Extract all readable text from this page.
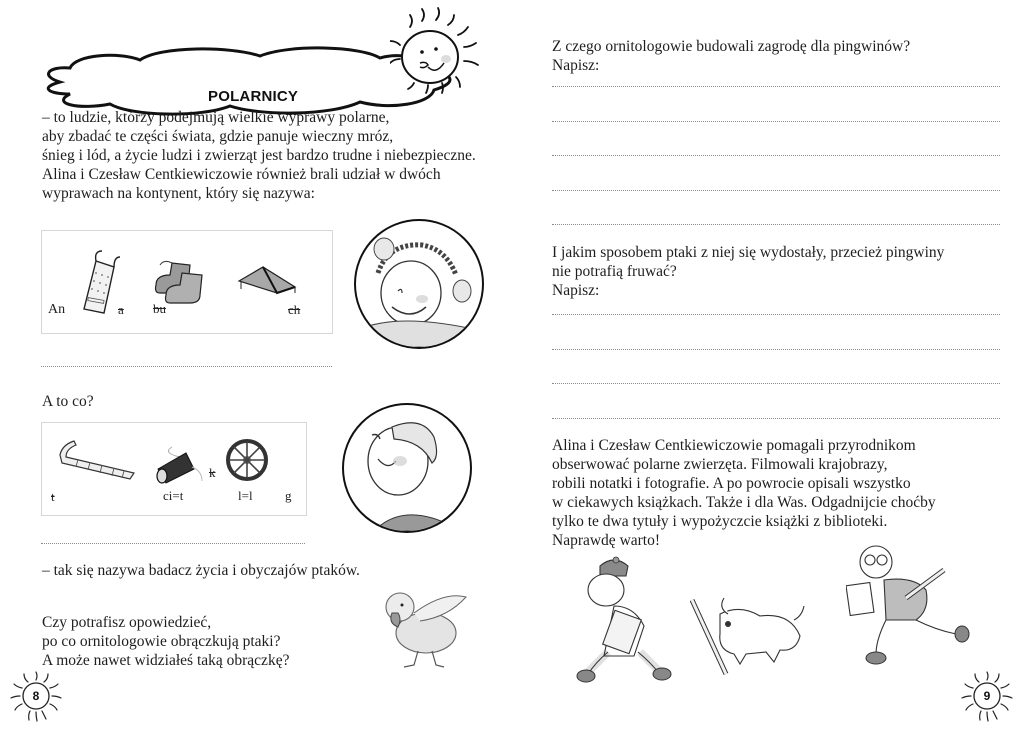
POLARNICY
– to ludzie, którzy podejmują wielkie wyprawy polarne,
aby zbadać te części świata, gdzie panuje wieczny mróz,
śnieg i lód, a życie ludzi i zwierząt jest bardzo trudne i niebezpieczne.
Alina i Czesław Centkiewiczowie również brali udział w dwóch
wyprawach na kontynent, który się nazywa:
An	a bu	ch
A to co?
t	ci=t
k
l=l g
– tak się nazywa badacz życia i obyczajów ptaków.
Czy potrafisz opowiedzieć,
po co ornitologowie obrączkują ptaki?
A może nawet widziałeś taką obrączkę?
8
Z czego ornitologowie budowali zagrodę dla pingwinów?
Napisz:
I jakim sposobem ptaki z niej się wydostały, przecież pingwiny
nie potrafią fruwać?
Napisz:
Alina i Czesław Centkiewiczowie pomagali przyrodnikom
obserwować polarne zwierzęta. Filmowali krajobrazy,
robili notatki i fotografie. A po powrocie opisali wszystko
w ciekawych książkach. Także i dla Was. Odgadnijcie choćby
tylko te dwa tytuły i wypożyczcie książki z biblioteki.
Naprawdę warto!
9
